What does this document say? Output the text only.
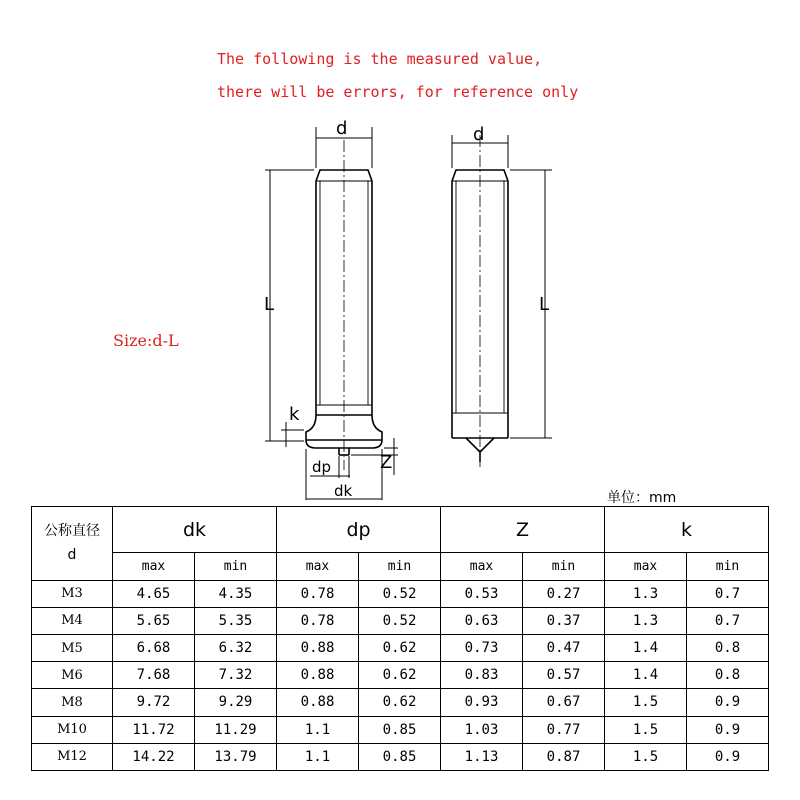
The following is the measured value,
there will be errors, for reference only
Size:d-L
d
L
k
Z
dp
dk
d
L
单位：mm
公称直径
d	dk		dp		Z		k	
	max	min	max	min	max	min	max	min
M3	4.65	4.35	0.78	0.52	0.53	0.27	1.3	0.7
M4	5.65	5.35	0.78	0.52	0.63	0.37	1.3	0.7
M5	6.68	6.32	0.88	0.62	0.73	0.47	1.4	0.8
M6	7.68	7.32	0.88	0.62	0.83	0.57	1.4	0.8
M8	9.72	9.29	0.88	0.62	0.93	0.67	1.5	0.9
M10	11.72	11.29	1.1	0.85	1.03	0.77	1.5	0.9
M12	14.22	13.79	1.1	0.85	1.13	0.87	1.5	0.9
